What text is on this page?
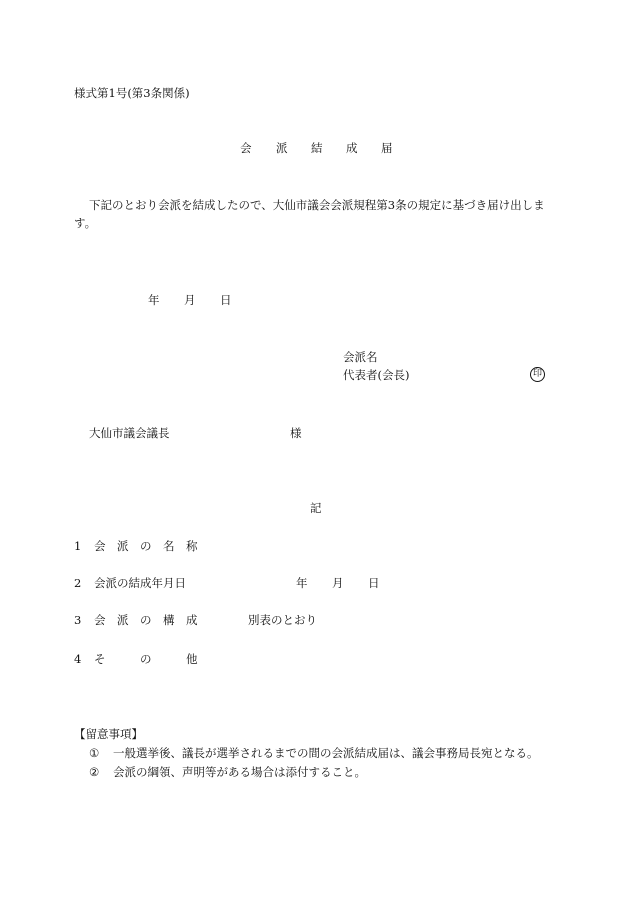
様式第1号(第3条関係)
会 派 結 成 届
下記のとおり会派を結成したので、大仙市議会会派規程第3条の規定に基づき届け出しま
す。
年 月 日
会派名
代表者(会長)	印
大仙市議会議長	様
記
1 会　派　の　名　称
2 会派の結成年月日	年 月 日
3 会　派　の　構　成	別表のとおり
4 そ　　　の　　　他
【留意事項】
① 一般選挙後、議長が選挙されるまでの間の会派結成届は、議会事務局長宛となる。
② 会派の綱領、声明等がある場合は添付すること。
